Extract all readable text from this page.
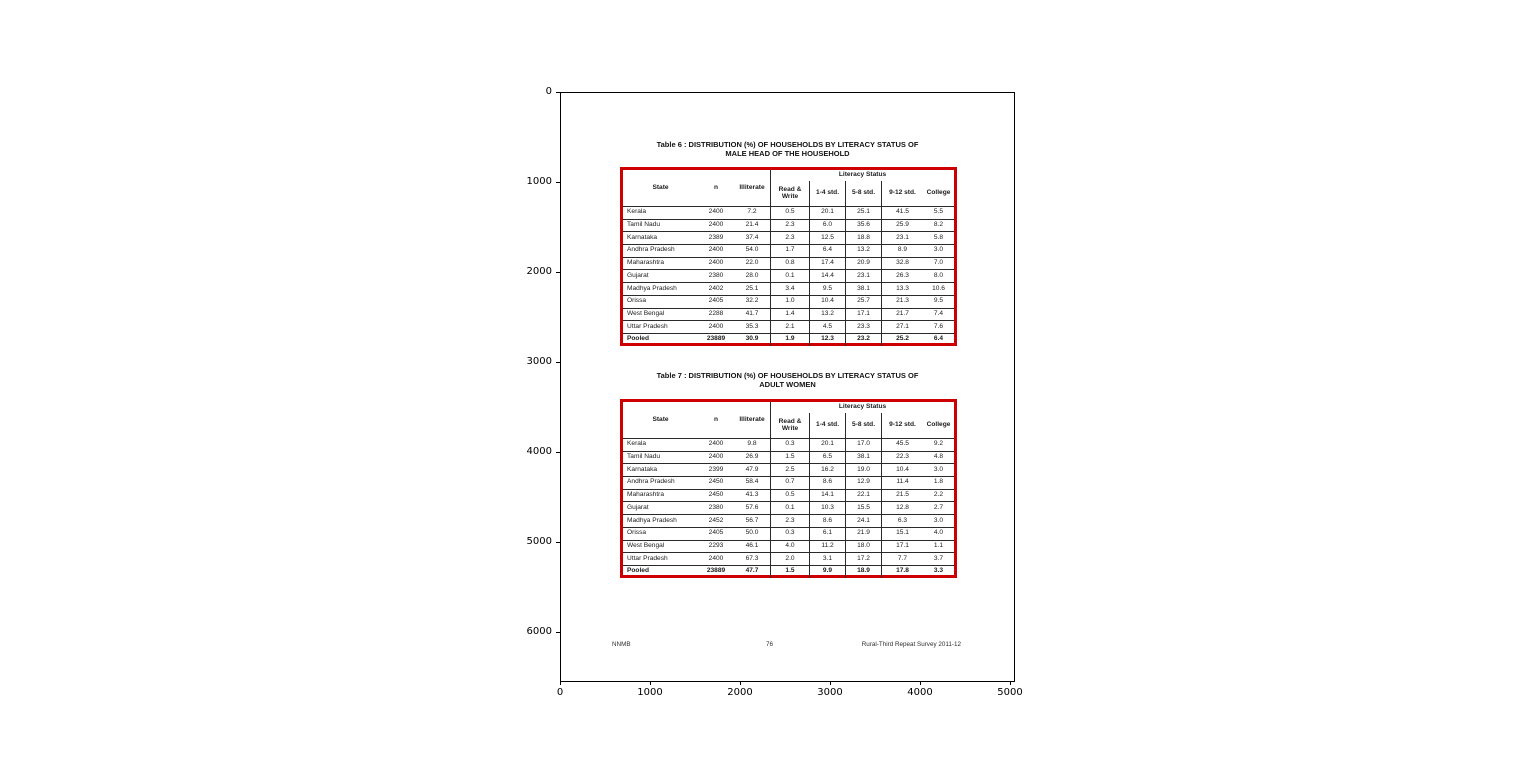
Table 6 : DISTRIBUTION (%) OF HOUSEHOLDS BY LITERACY STATUS OF
MALE HEAD OF THE HOUSEHOLD
State	n	Illiterate
Literacy Status
Read & Write	1-4 std.	5-8 std.	9-12 std.	College
Kerala	2400	7.2	0.5	20.1	25.1	41.5	5.5
Tamil Nadu	2400	21.4	2.3	6.0	35.6	25.9	8.2
Karnataka	2389	37.4	2.3	12.5	18.8	23.1	5.8
Andhra Pradesh	2400	54.0	1.7	6.4	13.2	8.9	3.0
Maharashtra	2400	22.0	0.8	17.4	20.9	32.8	7.0
Gujarat	2380	28.0	0.1	14.4	23.1	26.3	8.0
Madhya Pradesh	2402	25.1	3.4	9.5	38.1	13.3	10.6
Orissa	2405	32.2	1.0	10.4	25.7	21.3	9.5
West Bengal	2288	41.7	1.4	13.2	17.1	21.7	7.4
Uttar Pradesh	2400	35.3	2.1	4.5	23.3	27.1	7.6
Pooled	23889	30.9	1.9	12.3	23.2	25.2	6.4
Table 7 : DISTRIBUTION (%) OF HOUSEHOLDS BY LITERACY STATUS OF
ADULT WOMEN
State	n	Illiterate
Literacy Status
Read & Write	1-4 std.	5-8 std.	9-12 std.	College
Kerala	2400	9.8	0.3	20.1	17.0	45.5	9.2
Tamil Nadu	2400	26.9	1.5	6.5	38.1	22.3	4.8
Karnataka	2399	47.9	2.5	16.2	19.0	10.4	3.0
Andhra Pradesh	2450	58.4	0.7	8.6	12.9	11.4	1.8
Maharashtra	2450	41.3	0.5	14.1	22.1	21.5	2.2
Gujarat	2380	57.6	0.1	10.3	15.5	12.8	2.7
Madhya Pradesh	2452	56.7	2.3	8.6	24.1	6.3	3.0
Orissa	2405	50.0	0.3	6.1	21.9	15.1	4.0
West Bengal	2293	46.1	4.0	11.2	18.0	17.1	1.1
Uttar Pradesh	2400	67.3	2.0	3.1	17.2	7.7	3.7
Pooled	23889	47.7	1.5	9.9	18.9	17.8	3.3
NNMB	76	Rural-Third Repeat Survey 2011-12
0
1000
2000
3000
4000
5000
6000
0	1000	2000	3000	4000	5000
